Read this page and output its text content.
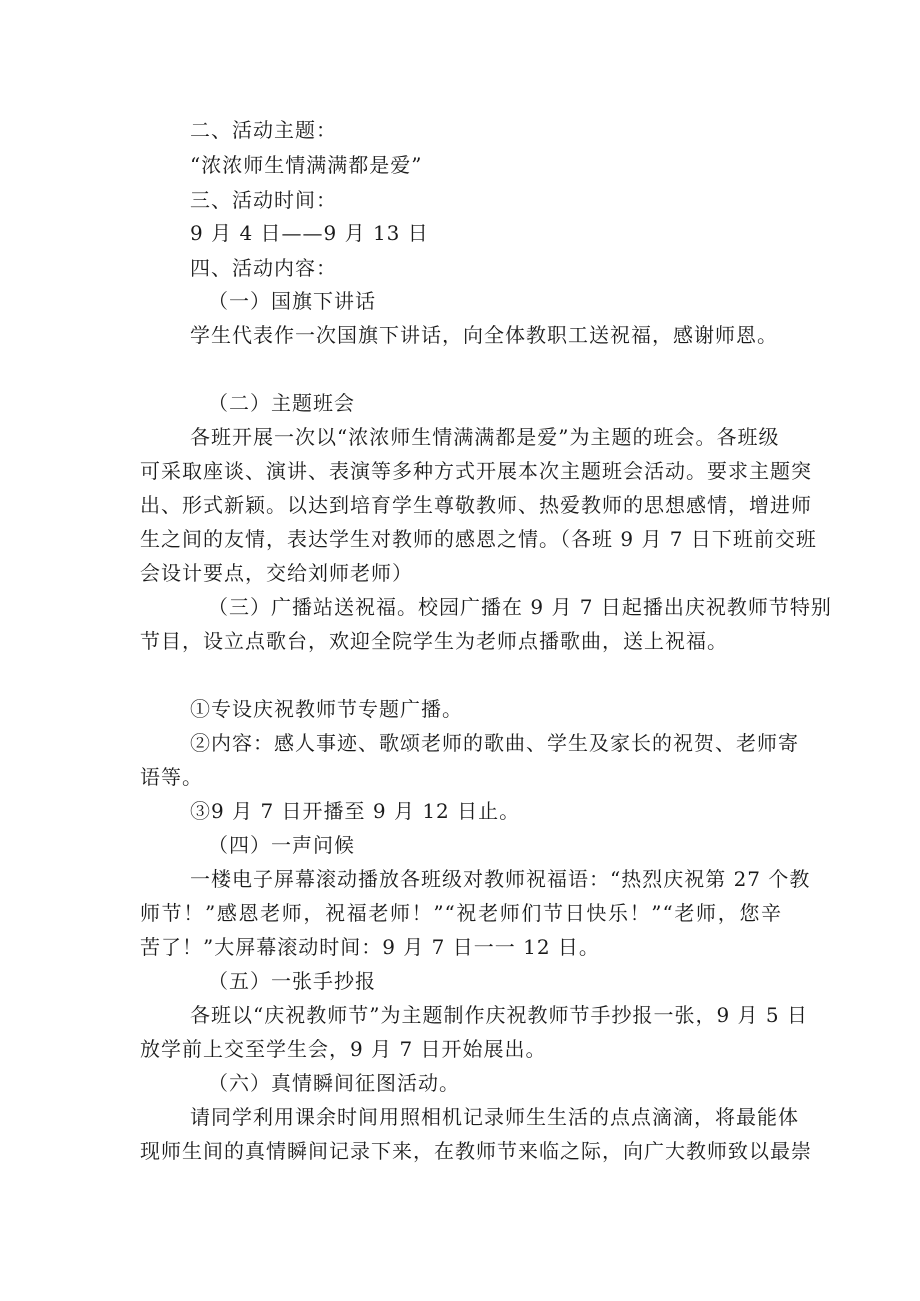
二、活动主题：
“浓浓师生情满满都是爱”
三、活动时间：
9 月 4 日——9 月 13 日
四、活动内容：
（一）国旗下讲话
学生代表作一次国旗下讲话，向全体教职工送祝福，感谢师恩。
（二）主题班会
各班开展一次以“浓浓师生情满满都是爱”为主题的班会。各班级
可采取座谈、演讲、表演等多种方式开展本次主题班会活动。要求主题突
出、形式新颖。以达到培育学生尊敬教师、热爱教师的思想感情，增进师
生之间的友情，表达学生对教师的感恩之情。（各班 9 月 7 日下班前交班
会设计要点，交给刘师老师）
（三）广播站送祝福。校园广播在 9 月 7 日起播出庆祝教师节特别
节目，设立点歌台，欢迎全院学生为老师点播歌曲，送上祝福。
①专设庆祝教师节专题广播。
②内容：感人事迹、歌颂老师的歌曲、学生及家长的祝贺、老师寄
语等。
③9 月 7 日开播至 9 月 12 日止。
（四）一声问候
一楼电子屏幕滚动播放各班级对教师祝福语：“热烈庆祝第 27 个教
师节！”感恩老师，祝福老师！”“祝老师们节日快乐！”“老师，您辛
苦了！”大屏幕滚动时间：9 月 7 日一一 12 日。
（五）一张手抄报
各班以“庆祝教师节”为主题制作庆祝教师节手抄报一张，9 月 5 日
放学前上交至学生会，9 月 7 日开始展出。
（六）真情瞬间征图活动。
请同学利用课余时间用照相机记录师生生活的点点滴滴，将最能体
现师生间的真情瞬间记录下来，在教师节来临之际，向广大教师致以最崇
